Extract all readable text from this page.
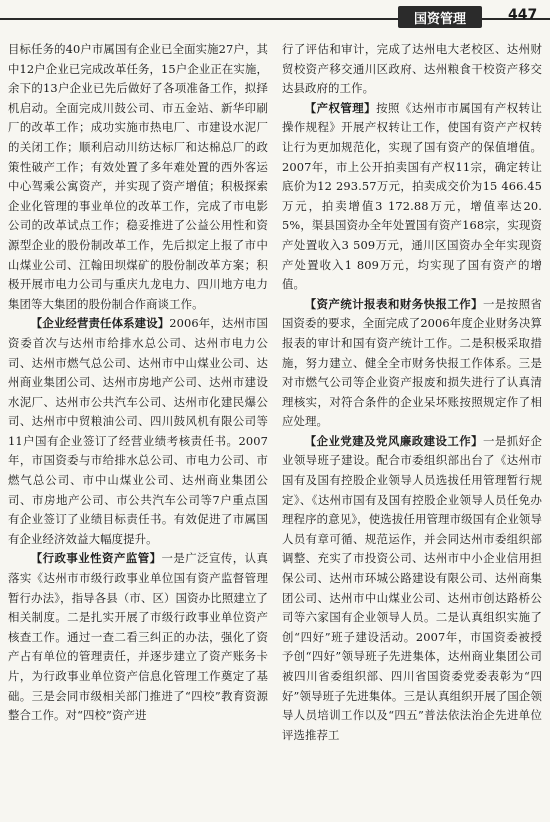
国资管理	447

目标任务的40户市属国有企业已全面实施27户，其中12户企业已完成改革任务，15户企业正在实施，余下的13户企业已先后做好了各项准备工作，拟择机启动。全面完成川鼓公司、市五金站、新华印刷厂的改革工作；成功实施市热电厂、市建设水泥厂的关闭工作；顺利启动川纺达标厂和达棉总厂的政策性破产工作；有效处置了多年难处置的西外客运中心驾乘公寓资产，并实现了资产增值；积极探索企业化管理的事业单位的改革工作，完成了市电影公司的改革试点工作；稳妥推进了公益公用性和资源型企业的股份制改革工作，先后拟定上报了市中山煤业公司、江翰田坝煤矿的股份制改革方案；积极开展市电力公司与重庆九龙电力、四川地方电力集团等大集团的股份制合作商谈工作。

【企业经营责任体系建设】2006年，达州市国资委首次与达州市给排水总公司、达州市电力公司、达州市燃气总公司、达州市中山煤业公司、达州商业集团公司、达州市房地产公司、达州市建设水泥厂、达州市公共汽车公司、达州市化建民爆公司、达州市中贸粮油公司、四川鼓风机有限公司等11户国有企业签订了经营业绩考核责任书。2007年，市国资委与市给排水总公司、市电力公司、市燃气总公司、市中山煤业公司、达州商业集团公司、市房地产公司、市公共汽车公司等7户重点国有企业签订了业绩目标责任书。有效促进了市属国有企业经济效益大幅度提升。

【行政事业性资产监管】一是广泛宣传，认真落实《达州市市级行政事业单位国有资产监督管理暂行办法》，指导各县（市、区）国资办比照建立了相关制度。二是扎实开展了市级行政事业单位资产核查工作。通过一查二看三纠正的办法，强化了资产占有单位的管理责任，并逐步建立了资产账务卡片，为行政事业单位资产信息化管理工作奠定了基础。三是会同市级相关部门推进了“四校”教育资源整合工作。对“四校”资产进

行了评估和审计，完成了达州电大老校区、达州财贸校资产移交通川区政府、达州粮食干校资产移交达县政府的工作。

【产权管理】按照《达州市市属国有产权转让操作规程》开展产权转让工作，使国有资产产权转让行为更加规范化，实现了国有资产的保值增值。2007年，市上公开拍卖国有产权11宗，确定转让底价为12 293.57万元，拍卖成交价为15 466.45万元，拍卖增值3 172.88万元，增值率达20.5%，渠县国资办全年处置国有资产168宗，实现资产处置收入3 509万元，通川区国资办全年实现资产处置收入1 809万元，均实现了国有资产的增值。

【资产统计报表和财务快报工作】一是按照省国资委的要求，全面完成了2006年度企业财务决算报表的审计和国有资产统计工作。二是积极采取措施，努力建立、健全全市财务快报工作体系。三是对市燃气公司等企业资产报废和损失进行了认真清理核实，对符合条件的企业呆坏账按照规定作了相应处理。

【企业党建及党风廉政建设工作】一是抓好企业领导班子建设。配合市委组织部出台了《达州市国有及国有控股企业领导人员选拔任用管理暂行规定》、《达州市国有及国有控股企业领导人员任免办理程序的意见》，使选拔任用管理市级国有企业领导人员有章可循、规范运作，并会同达州市委组织部调整、充实了市投资公司、达州市中小企业信用担保公司、达州市环城公路建设有限公司、达州商集团公司、达州市中山煤业公司、达州市创达路桥公司等六家国有企业领导人员。二是认真组织实施了创“四好”班子建设活动。2007年，市国资委被授予创“四好”领导班子先进集体，达州商业集团公司被四川省委组织部、四川省国资委党委表彰为“四好”领导班子先进集体。三是认真组织开展了国企领导人员培训工作以及“四五”普法依法治企先进单位评选推荐工
